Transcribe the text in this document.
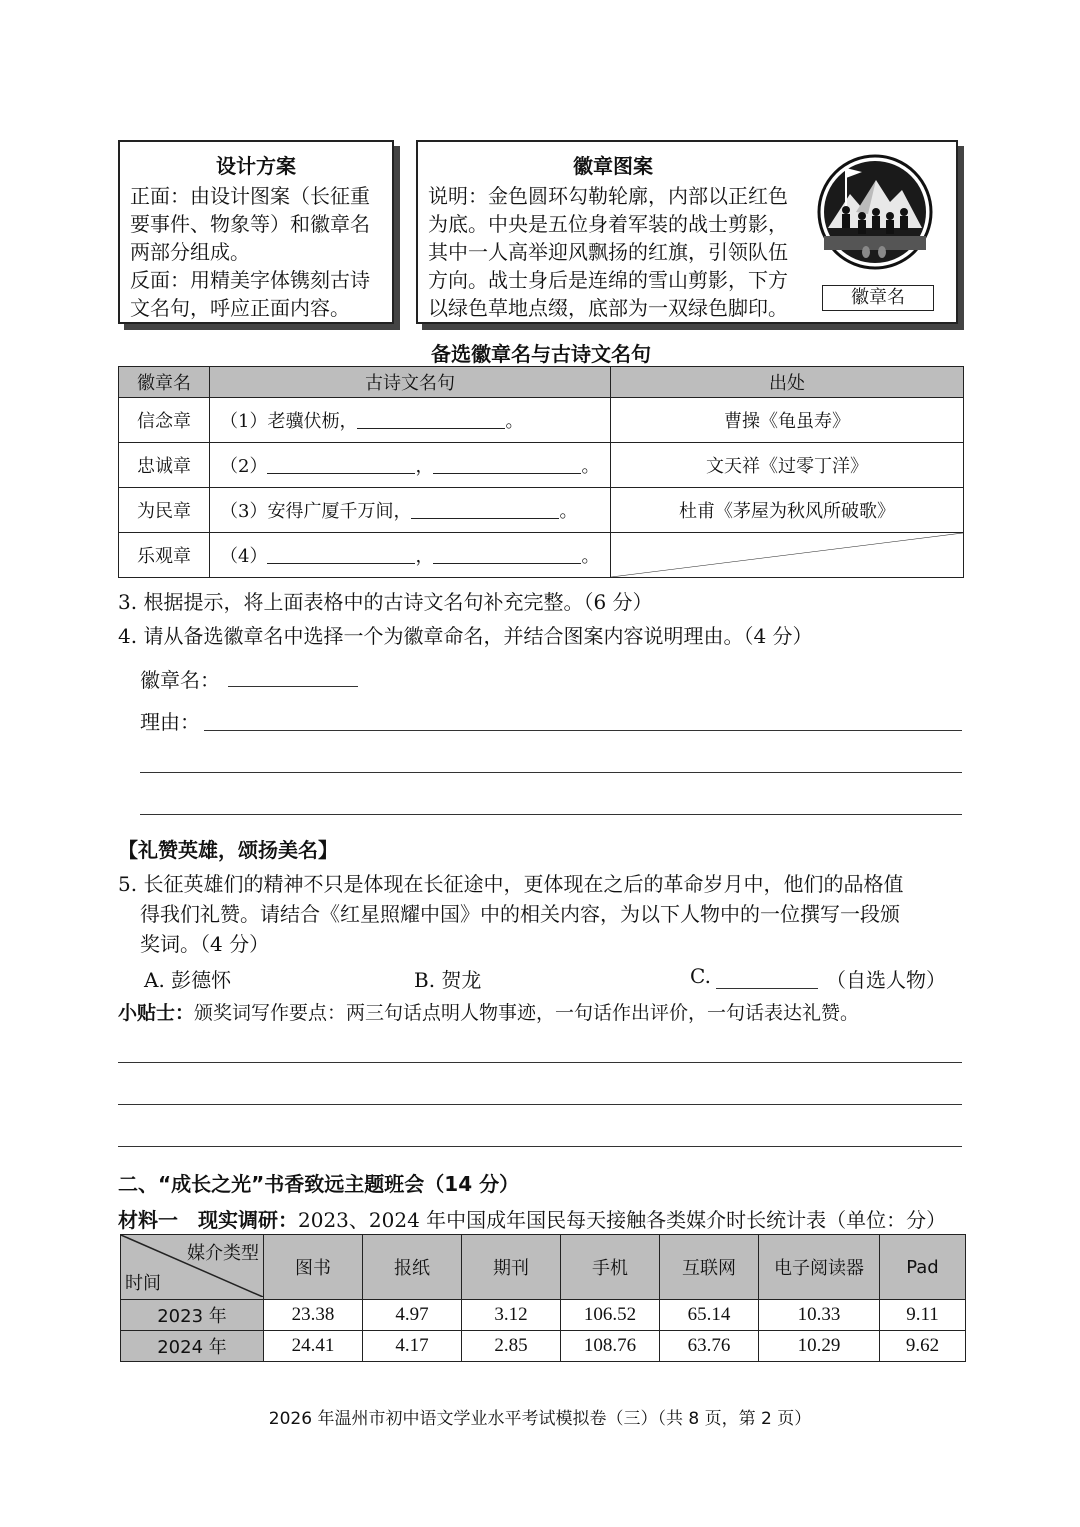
设计方案
正面：由设计图案（长征重
要事件、物象等）和徽章名
两部分组成。
反面：用精美字体镌刻古诗
文名句，呼应正面内容。
徽章图案
说明：金色圆环勾勒轮廓，内部以正红色
为底。中央是五位身着军装的战士剪影，
其中一人高举迎风飘扬的红旗，引领队伍
方向。战士身后是连绵的雪山剪影，下方
以绿色草地点缀，底部为一双绿色脚印。	徽章名
备选徽章名与古诗文名句
徽章名	古诗文名句	出处
信念章	（1）老骥伏枥， 。	曹操《龟虽寿》
忠诚章	（2） ， 。	文天祥《过零丁洋》
为民章	（3）安得广厦千万间， 。	杜甫《茅屋为秋风所破歌》
乐观章	（4） ， 。	
3. 根据提示，将上面表格中的古诗文名句补充完整。（6 分）
4. 请从备选徽章名中选择一个为徽章命名，并结合图案内容说明理由。（4 分）
徽章名：
理由：
【礼赞英雄，颂扬美名】
5. 长征英雄们的精神不只是体现在长征途中，更体现在之后的革命岁月中，他们的品格值
得我们礼赞。请结合《红星照耀中国》中的相关内容，为以下人物中的一位撰写一段颁
奖词。（4 分）
A. 彭德怀	B. 贺龙	C.	（自选人物）
小贴士：颁奖词写作要点：两三句话点明人物事迹，一句话作出评价，一句话表达礼赞。
二、“成长之光”书香致远主题班会（14 分）
材料一　现实调研：2023、2024 年中国成年国民每天接触各类媒介时长统计表（单位：分）
媒介类型
时间	图书	报纸	期刊	手机	互联网	电子阅读器	Pad
2023 年	23.38	4.97	3.12	106.52	65.14	10.33	9.11
2024 年	24.41	4.17	2.85	108.76	63.76	10.29	9.62
2026 年温州市初中语文学业水平考试模拟卷（三）（共 8 页，第 2 页）
